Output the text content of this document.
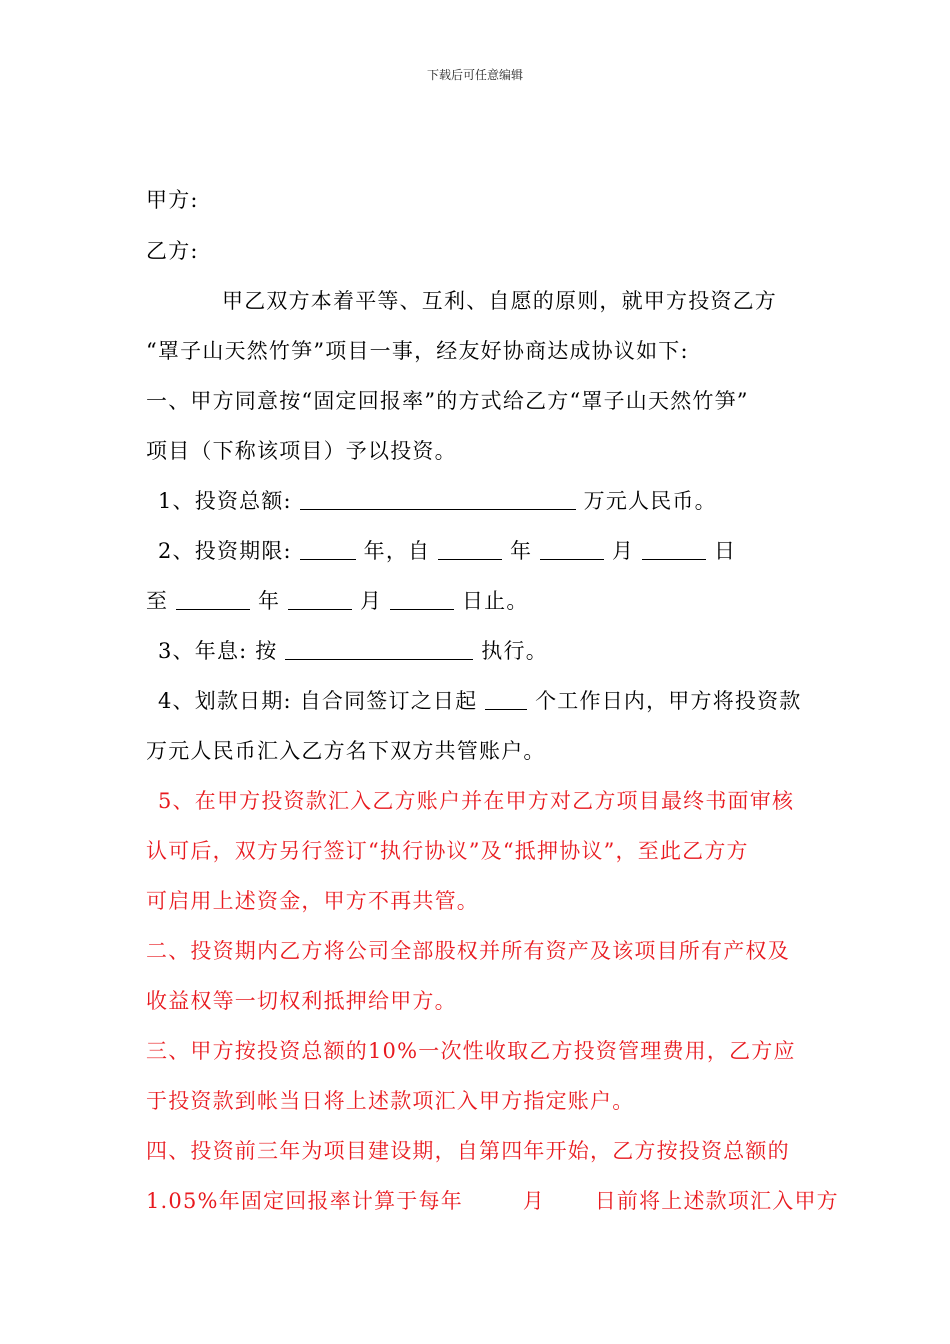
下载后可任意编辑
甲方:
乙方:
甲乙双方本着平等、互利、自愿的原则，就甲方投资乙方
“罩子山天然竹笋”项目一事，经友好协商达成协议如下:
一、甲方同意按“固定回报率”的方式给乙方“罩子山天然竹笋”
项目（下称该项目）予以投资。
1、投资总额:	万元人民币。
2、投资期限:	年，自	年	月	日
至	年	月	日止。
3、年息: 按	执行。
4、划款日期: 自合同签订之日起	个工作日内，甲方将投资款
万元人民币汇入乙方名下双方共管账户。
5、在甲方投资款汇入乙方账户并在甲方对乙方项目最终书面审核
认可后，双方另行签订“执行协议”及“抵押协议”，至此乙方方
可启用上述资金，甲方不再共管。
二、投资期内乙方将公司全部股权并所有资产及该项目所有产权及
收益权等一切权利抵押给甲方。
三、甲方按投资总额的10%一次性收取乙方投资管理费用，乙方应
于投资款到帐当日将上述款项汇入甲方指定账户。
四、投资前三年为项目建设期，自第四年开始，乙方按投资总额的
1.05%年固定回报率计算于每年	月 日前将上述款项汇入甲方
